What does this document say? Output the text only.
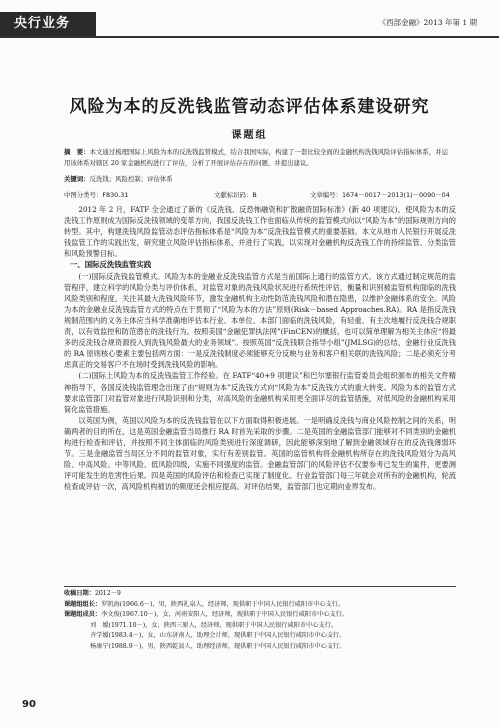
央行业务	《西部金融》2013 年第 1 期
风险为本的反洗钱监管动态评估体系建设研究
课题组
摘　要：本文通过梳理国际上风险为本的反洗钱监管模式，结合我国实际，构建了一套比较全面的金融机构洗钱风险评估指标体系，并运用该体系对辖区 20 家金融机构进行了评估，分析了开展评估存在的问题，并提出建议。
关键词：反洗钱；风险控制；评估体系
中图分类号：F830.31	文献标识码：B	文章编号：1674－0017－2013(1)－0090－04

2012 年 2 月，FATF 全会通过了新的《反洗钱、反恐怖融资和扩散融资国际标准》(新 40 项建议)，使风险为本的反洗钱工作原则成为国际反洗钱领域的变革方向，我国反洗钱工作也面临从传统的监管模式向以“风险为本”的国际规则方向的转型。其中，构建洗钱风险监管动态评估指标体系是“风险为本”反洗钱监管模式的重要基础。本文从地市人民银行开展反洗钱监管工作的实践出发，研究建立风险评估指标体系，并进行了实践，以实现对金融机构反洗钱工作的持续监管、分类监管和风险预警目标。

一、国际反洗钱监管实践

(一)国际反洗钱监管模式。风险为本的金融业反洗钱监管方式是当前国际上通行的监管方式。该方式通过制定规范的监管程序，建立科学的风险分类与评价体系，对监管对象的洗钱风险状况进行系统性评估，衡量和识别被监管机构面临的洗钱风险类别和程度，关注其最大洗钱风险环节，激发金融机构主动性防范洗钱风险和潜在隐患，以维护金融体系的安全。风险为本的金融业反洗钱监管方式的特点在于贯彻了“风险为本的方法”原则(Risk－based Approaches.RA)。RA 是指反洗钱规制范围内的义务主体应当科学准确地评估本行业、本单位、本部门面临的洗钱风险，有轻重、有主次地履行反洗钱合规职责，以有效监控和防范潜在的洗钱行为。按照美国“金融犯罪执法网”(FinCEN)的概括，也可以简单理解为相关主体应“将最多的反洗钱合规资源投入到洗钱风险最大的业务领域”。按照英国“反洗钱联合指导小组”(JMLSG)的总结，金融行业反洗钱的 RA 原则核心要素主要包括两方面：一是反洗钱制度必须能够充分反映与业务和客户相关联的洗钱风险；二是必须充分考虑真正的交易客户不在场时受到洗钱风险的影响。

(二)国际上风险为本的反洗钱监管工作经验。在 FATF“40+9 项建议”和巴尔塞银行监管委员会组织颁布的相关文件精神指导下，各国反洗钱监管理念出现了由“规则为本”反洗钱方式向“风险为本”反洗钱方式的重大转变。风险为本的监管方式要求监管部门对监管对象进行风险识别和分类，对高风险的金融机构采用更全面详尽的监管措施，对低风险的金融机构采用简化监管措施。

以英国为例，英国以风险为本的反洗钱监管在以下方面取得积极进展。一是明确反洗钱与商业风险控制之间的关系，明确两者的目的所在，这是英国金融监管当局推行 RA 时首先采取的步骤。二是英国的金融监管部门能够对不同类别的金融机构进行检查和评估，并按照不同主体面临的风险类别进行深度调研，因此能够深刻地了解到金融领域存在的反洗钱薄弱环节。三是金融监管当局区分不同的监管对象，实行有差别监管。英国的监管机构将金融机构所存在的洗钱风险划分为高风险、中高风险、中等风险、低风险四级，实施不同强度的监管。金融监管部门的风险评估不仅要参考已发生的案件，更要测评可能发生的危害性后果。四是英国的风险评估和检查已实现了制度化。行业监管部门每三年就会对所有的金融机构，轮流检查或评估一次，高风险机构被访的频度还会相应提高。对评估结果，监管部门也定期向业界发布。

收稿日期：2012－9
课题组组长：罗凯海(1966.6－)，男，陕西礼泉人，经济师，现供职于中国人民银行咸阳市中心支行。
课题组成员：李文俊(1967.10－)，女，河南安阳人，经济师，现供职于中国人民银行咸阳市中心支行。
刘　媛(1971.10－)，女，陕西三原人，经济师，现供职于中国人民银行咸阳市中心支行。
齐学媛(1983.4－)，女，山东济南人，助理会计师，现供职于中国人民银行咸阳市中心支行。
杨康宁(1988.9－)，男，陕西乾县人，助理经济师，现供职于中国人民银行咸阳市中心支行。
90
